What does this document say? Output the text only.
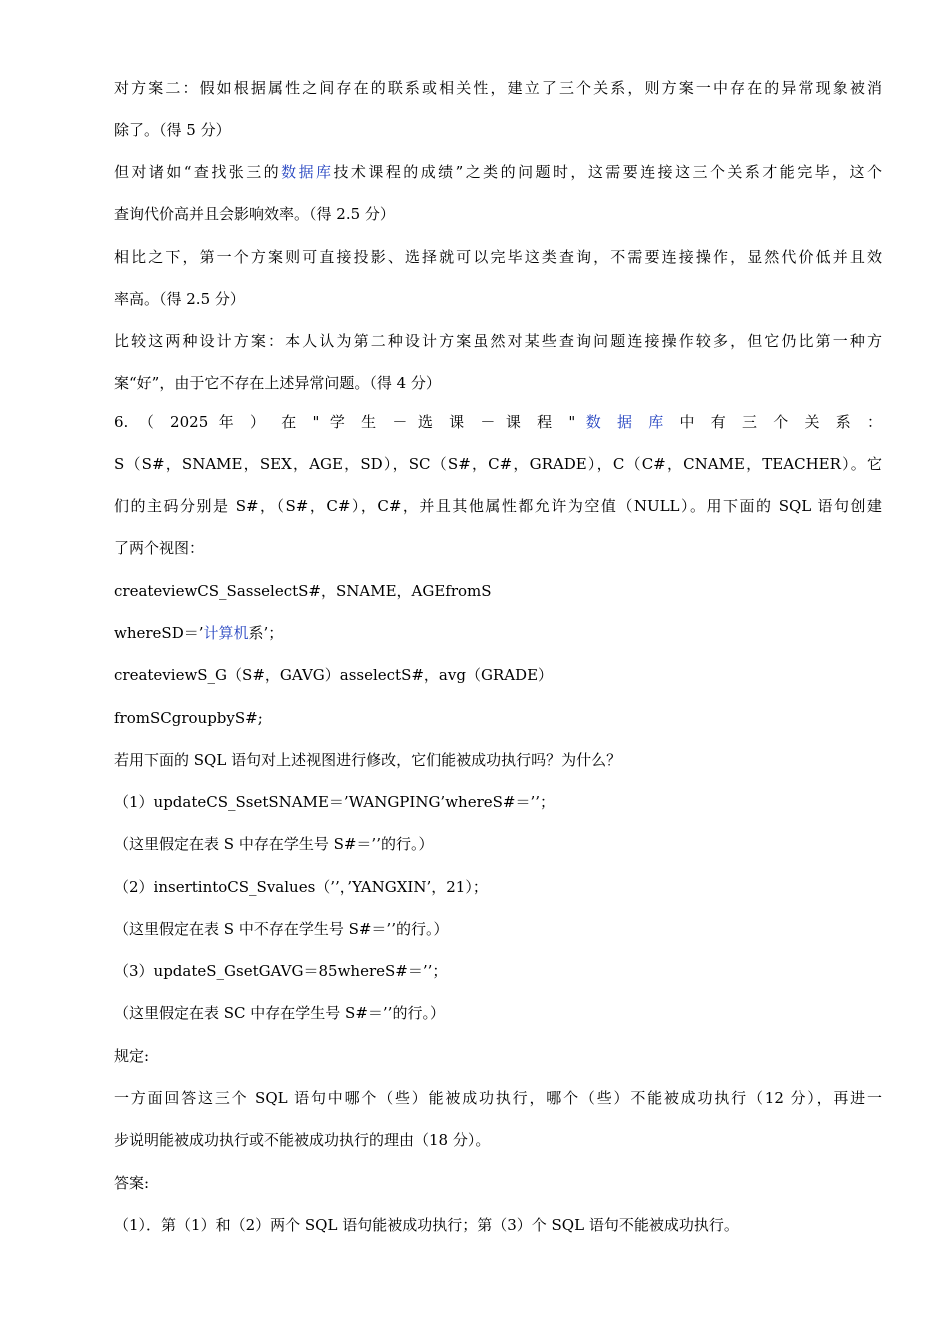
对方案二：假如根据属性之间存在的联系或相关性，建立了三个关系，则方案一中存在的异常现象被消
除了。（得 5 分）
但对诸如“查找张三的数据库技术课程的成绩”之类的问题时，这需要连接这三个关系才能完毕，这个
查询代价高并且会影响效率。（得 2.5 分）
相比之下，第一个方案则可直接投影、选择就可以完毕这类查询，不需要连接操作，显然代价低并且效
率高。（得 2.5 分）
比较这两种设计方案：本人认为第二种设计方案虽然对某些查询问题连接操作较多，但它仍比第一种方
案“好”，由于它不存在上述异常问题。（得 4 分）
6. （ 2025 年 ） 在 " 学 生 － 选 课 － 课 程 " 数 据 库 中 有 三 个 关 系 ：
S（S#，SNAME，SEX，AGE，SD），SC（S#，C#，GRADE），C（C#，CNAME，TEACHER）。它
们的主码分别是 S#，（S#，C#），C#，并且其他属性都允许为空值（NULL）。用下面的 SQL 语句创建
了两个视图：
createviewCS_SasselectS#，SNAME，AGEfromS
whereSD＝’计算机系’；
createviewS_G（S#，GAVG）asselectS#，avg（GRADE）
fromSCgroupbyS#;
若用下面的 SQL 语句对上述视图进行修改，它们能被成功执行吗？为什么？
（1）updateCS_SsetSNAME＝’WANGPING’whereS#＝’’；
（这里假定在表 S 中存在学生号 S#＝’’的行。）
（2）insertintoCS_Svalues（’’，’YANGXIN’，21）；
（这里假定在表 S 中不存在学生号 S#＝’’的行。）
（3）updateS_GsetGAVG＝85whereS#＝’’；
（这里假定在表 SC 中存在学生号 S#＝’’的行。）
规定:
一方面回答这三个 SQL 语句中哪个（些）能被成功执行，哪个（些）不能被成功执行（12 分），再进一
步说明能被成功执行或不能被成功执行的理由（18 分）。
答案:
（1）．第（1）和（2）两个 SQL 语句能被成功执行；第（3）个 SQL 语句不能被成功执行。
